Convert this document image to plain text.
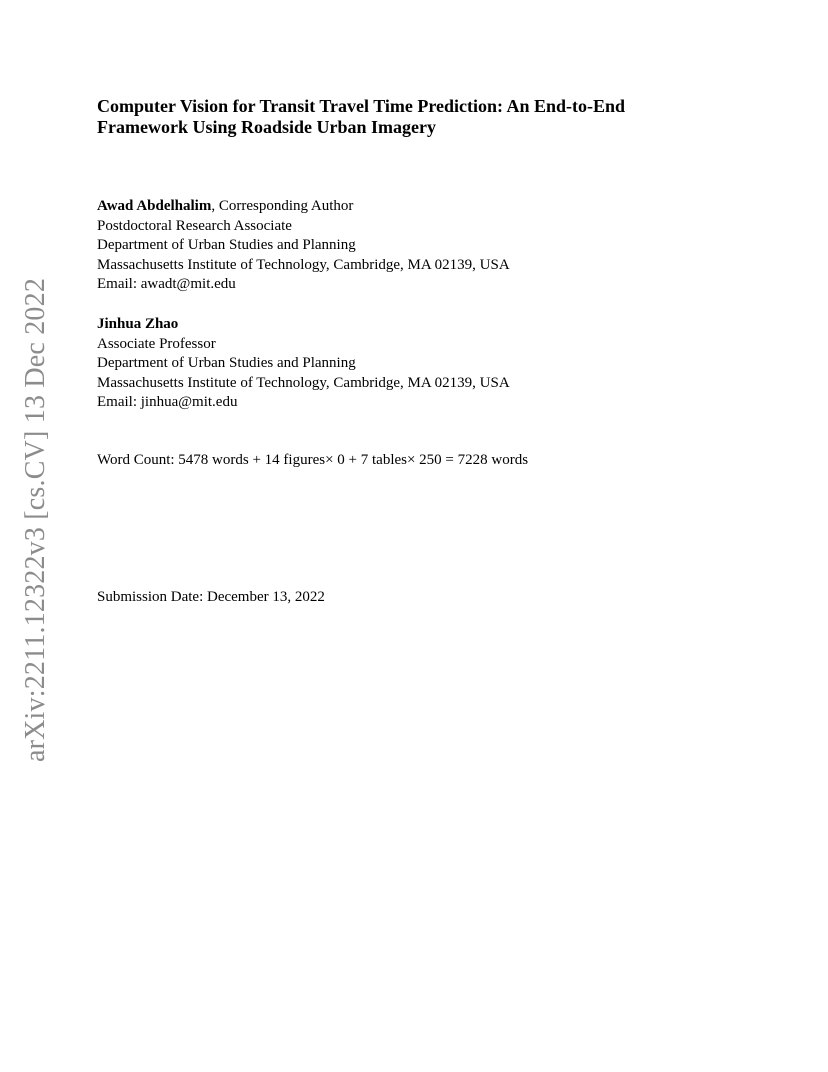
arXiv:2211.12322v3 [cs.CV] 13 Dec 2022
Computer Vision for Transit Travel Time Prediction: An End-to-End
Framework Using Roadside Urban Imagery
Awad Abdelhalim, Corresponding Author
Postdoctoral Research Associate
Department of Urban Studies and Planning
Massachusetts Institute of Technology, Cambridge, MA 02139, USA
Email: awadt@mit.edu
Jinhua Zhao
Associate Professor
Department of Urban Studies and Planning
Massachusetts Institute of Technology, Cambridge, MA 02139, USA
Email: jinhua@mit.edu
Word Count: 5478 words + 14 figures× 0 + 7 tables× 250 = 7228 words
Submission Date: December 13, 2022
